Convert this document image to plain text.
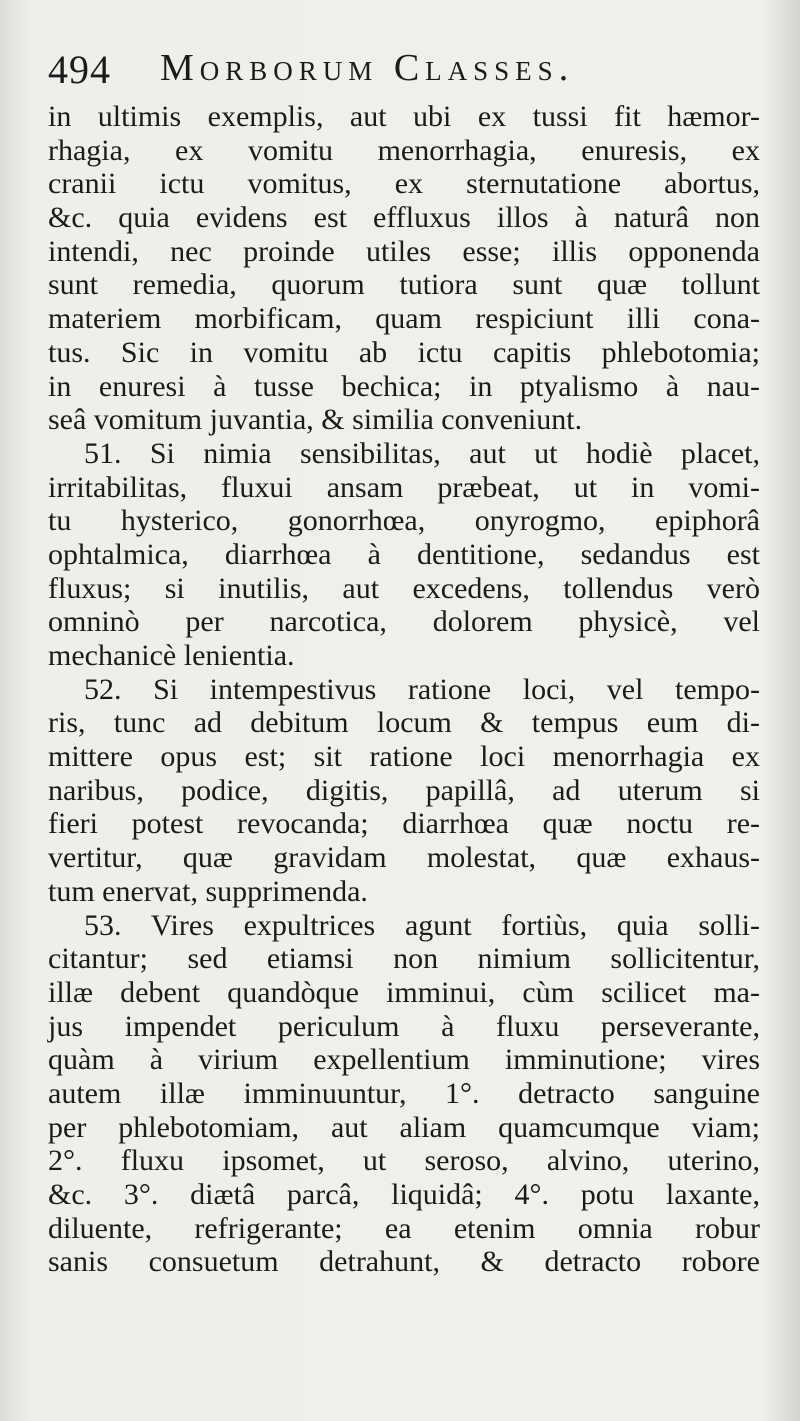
494 Morborum Classes.
in ultimis exemplis, aut ubi ex tussi fit hæmor-
rhagia, ex vomitu menorrhagia, enuresis, ex
cranii ictu vomitus, ex sternutatione abortus,
&c. quia evidens est effluxus illos à naturâ non
intendi, nec proinde utiles esse; illis opponenda
sunt remedia, quorum tutiora sunt quæ tollunt
materiem morbificam, quam respiciunt illi cona-
tus. Sic in vomitu ab ictu capitis phlebotomia;
in enuresi à tusse bechica; in ptyalismo à nau-
seâ vomitum juvantia, & similia conveniunt.
51. Si nimia sensibilitas, aut ut hodiè placet,
irritabilitas, fluxui ansam præbeat, ut in vomi-
tu hysterico, gonorrhœa, onyrogmo, epiphorâ
ophtalmica, diarrhœa à dentitione, sedandus est
fluxus; si inutilis, aut excedens, tollendus verò
omninò per narcotica, dolorem physicè, vel
mechanicè lenientia.
52. Si intempestivus ratione loci, vel tempo-
ris, tunc ad debitum locum & tempus eum di-
mittere opus est; sit ratione loci menorrhagia ex
naribus, podice, digitis, papillâ, ad uterum si
fieri potest revocanda; diarrhœa quæ noctu re-
vertitur, quæ gravidam molestat, quæ exhaus-
tum enervat, supprimenda.
53. Vires expultrices agunt fortiùs, quia solli-
citantur; sed etiamsi non nimium sollicitentur,
illæ debent quandòque imminui, cùm scilicet ma-
jus impendet periculum à fluxu perseverante,
quàm à virium expellentium imminutione; vires
autem illæ imminuuntur, 1°. detracto sanguine
per phlebotomiam, aut aliam quamcumque viam;
2°. fluxu ipsomet, ut seroso, alvino, uterino,
&c. 3°. diætâ parcâ, liquidâ; 4°. potu laxante,
diluente, refrigerante; ea etenim omnia robur
sanis consuetum detrahunt, & detracto robore
